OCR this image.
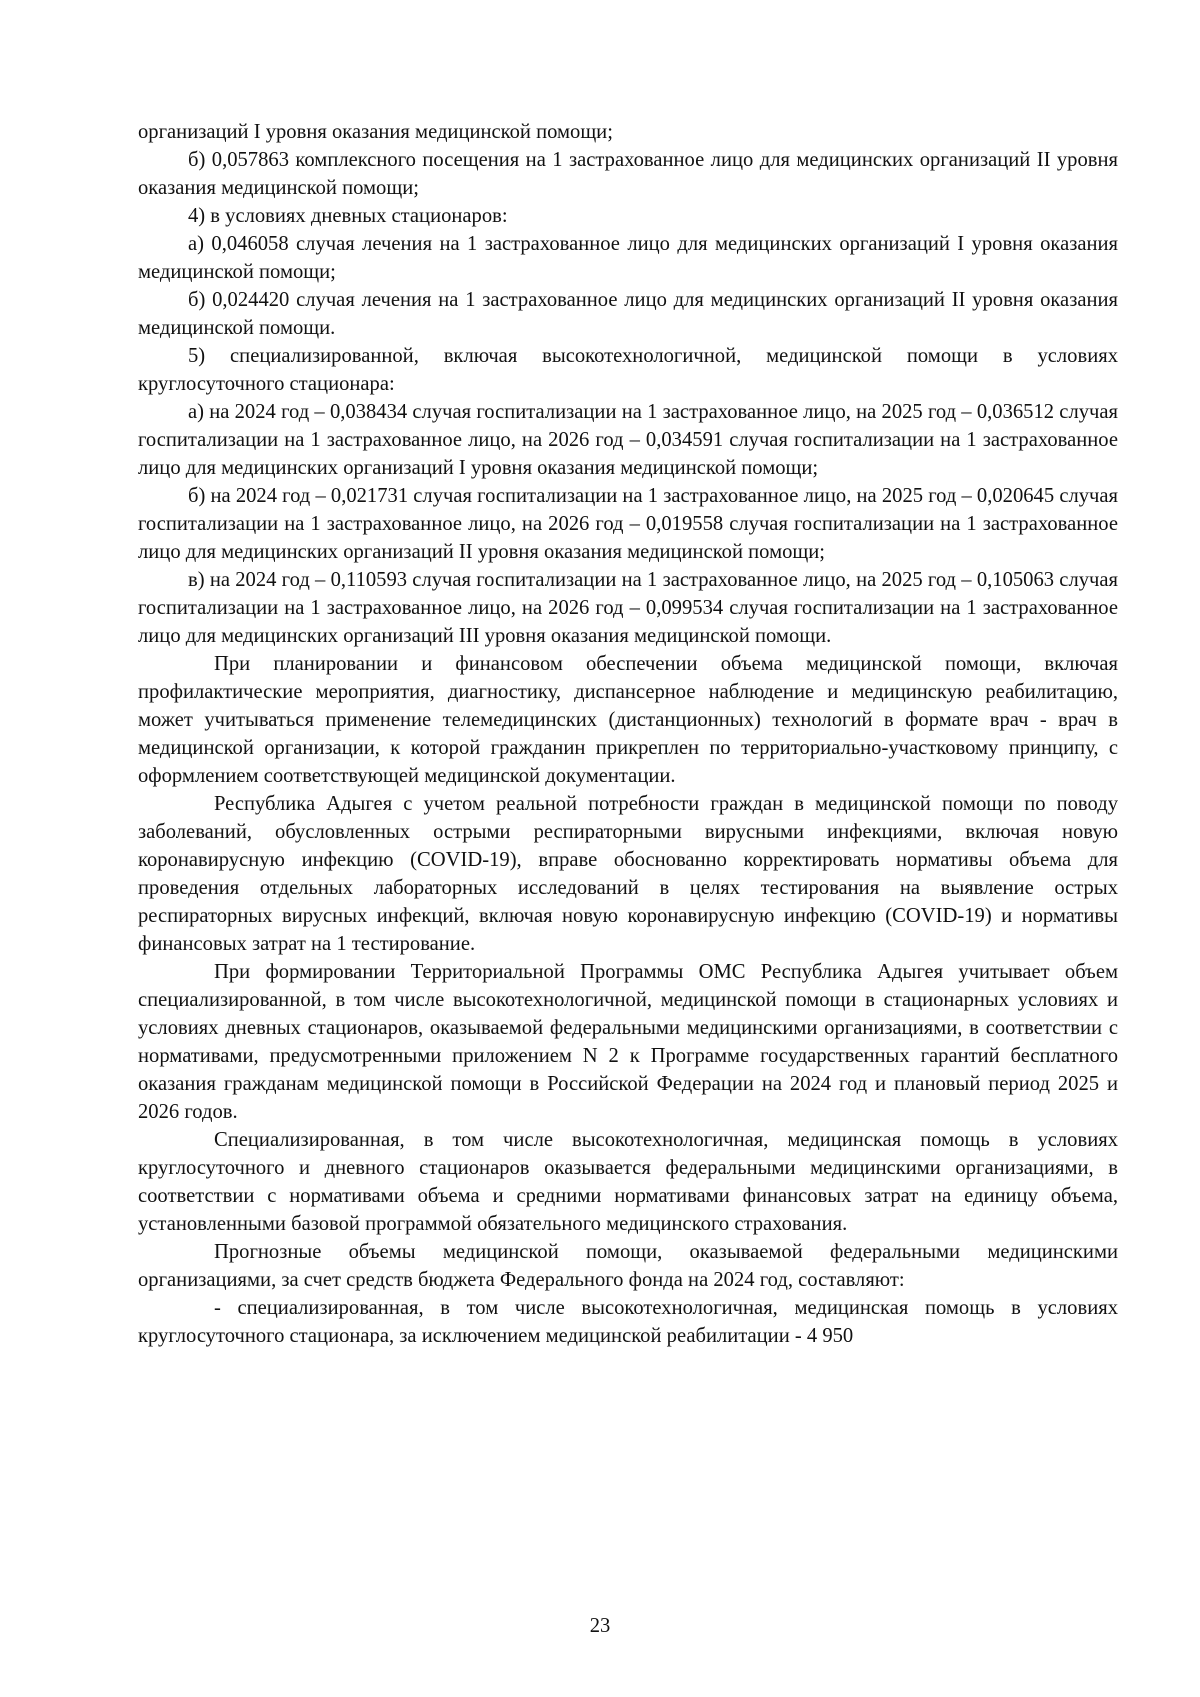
организаций I уровня оказания медицинской помощи;

б) 0,057863 комплексного посещения на 1 застрахованное лицо для медицинских организаций II уровня оказания медицинской помощи;

4) в условиях дневных стационаров:

а) 0,046058 случая лечения на 1 застрахованное лицо для медицинских организаций I уровня оказания медицинской помощи;

б) 0,024420 случая лечения на 1 застрахованное лицо для медицинских организаций II уровня оказания медицинской помощи.

5) специализированной, включая высокотехнологичной, медицинской помощи в условиях круглосуточного стационара:

а) на 2024 год – 0,038434 случая госпитализации на 1 застрахованное лицо, на 2025 год – 0,036512 случая госпитализации на 1 застрахованное лицо, на 2026 год – 0,034591 случая госпитализации на 1 застрахованное лицо для медицинских организаций I уровня оказания медицинской помощи;

б) на 2024 год – 0,021731 случая госпитализации на 1 застрахованное лицо, на 2025 год – 0,020645 случая госпитализации на 1 застрахованное лицо, на 2026 год – 0,019558 случая госпитализации на 1 застрахованное лицо для медицинских организаций II уровня оказания медицинской помощи;

в) на 2024 год – 0,110593 случая госпитализации на 1 застрахованное лицо, на 2025 год – 0,105063 случая госпитализации на 1 застрахованное лицо, на 2026 год – 0,099534 случая госпитализации на 1 застрахованное лицо для медицинских организаций III уровня оказания медицинской помощи.

При планировании и финансовом обеспечении объема медицинской помощи, включая профилактические мероприятия, диагностику, диспансерное наблюдение и медицинскую реабилитацию, может учитываться применение телемедицинских (дистанционных) технологий в формате врач - врач в медицинской организации, к которой гражданин прикреплен по территориально-участковому принципу, с оформлением соответствующей медицинской документации.

Республика Адыгея с учетом реальной потребности граждан в медицинской помощи по поводу заболеваний, обусловленных острыми респираторными вирусными инфекциями, включая новую коронавирусную инфекцию (COVID-19), вправе обоснованно корректировать нормативы объема для проведения отдельных лабораторных исследований в целях тестирования на выявление острых респираторных вирусных инфекций, включая новую коронавирусную инфекцию (COVID-19) и нормативы финансовых затрат на 1 тестирование.

При формировании Территориальной Программы ОМС Республика Адыгея учитывает объем специализированной, в том числе высокотехнологичной, медицинской помощи в стационарных условиях и условиях дневных стационаров, оказываемой федеральными медицинскими организациями, в соответствии с нормативами, предусмотренными приложением N 2 к Программе государственных гарантий бесплатного оказания гражданам медицинской помощи в Российской Федерации на 2024 год и плановый период 2025 и 2026 годов.

Специализированная, в том числе высокотехнологичная, медицинская помощь в условиях круглосуточного и дневного стационаров оказывается федеральными медицинскими организациями, в соответствии с нормативами объема и средними нормативами финансовых затрат на единицу объема, установленными базовой программой обязательного медицинского страхования.

Прогнозные объемы медицинской помощи, оказываемой федеральными медицинскими организациями, за счет средств бюджета Федерального фонда на 2024 год, составляют:

- специализированная, в том числе высокотехнологичная, медицинская помощь в условиях круглосуточного стационара, за исключением медицинской реабилитации - 4 950

23
